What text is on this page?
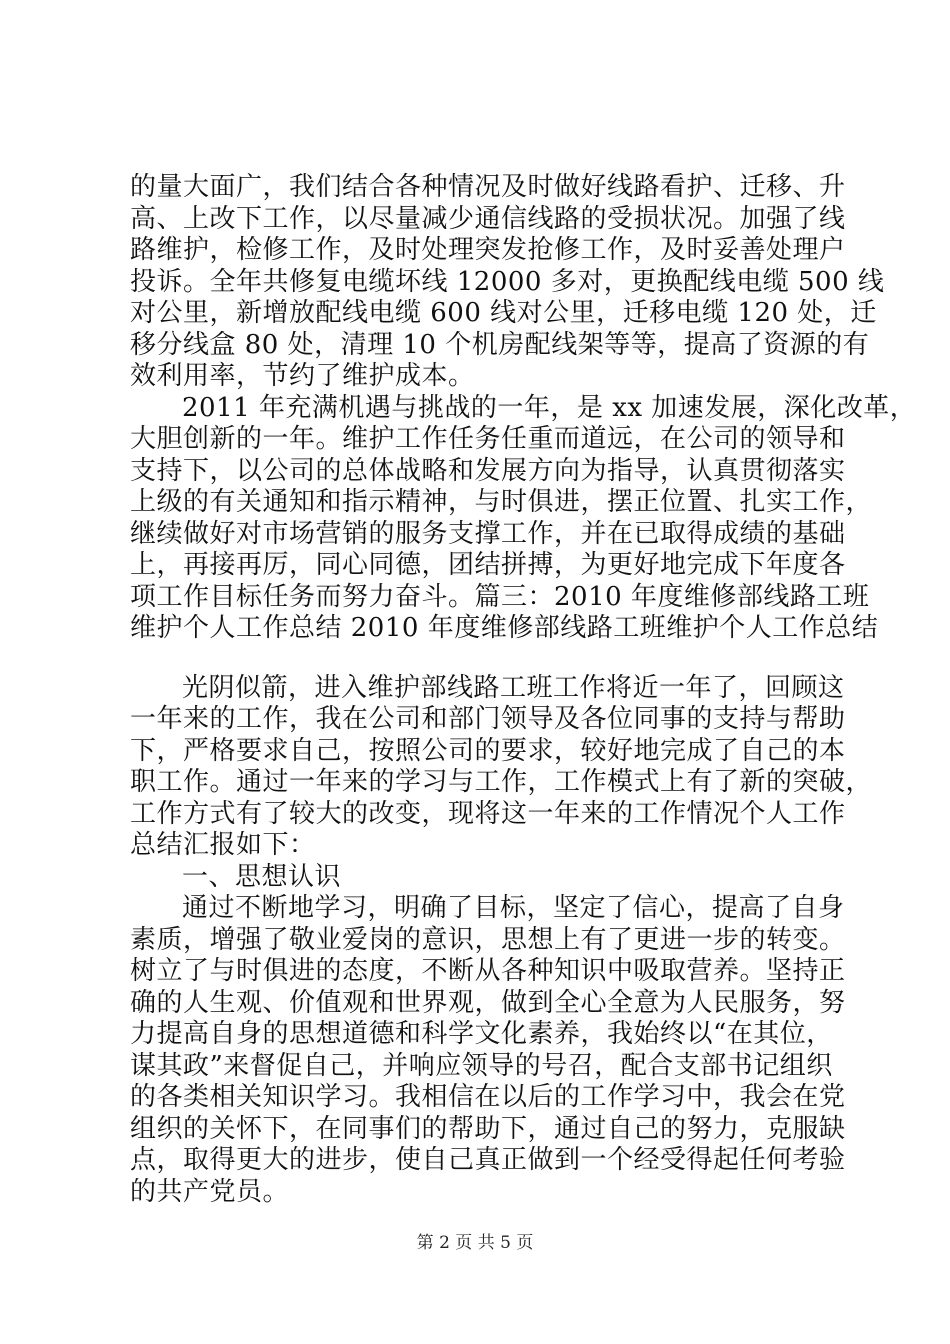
的量大面广，我们结合各种情况及时做好线路看护、迁移、升
高、上改下工作，以尽量减少通信线路的受损状况。加强了线
路维护，检修工作，及时处理突发抢修工作，及时妥善处理户
投诉。全年共修复电缆坏线 12000 多对，更换配线电缆 500 线
对公里，新增放配线电缆 600 线对公里，迁移电缆 120 处，迁
移分线盒 80 处，清理 10 个机房配线架等等，提高了资源的有
效利用率，节约了维护成本。
2011 年充满机遇与挑战的一年，是 xx 加速发展，深化改革，
大胆创新的一年。维护工作任务任重而道远，在公司的领导和
支持下，以公司的总体战略和发展方向为指导，认真贯彻落实
上级的有关通知和指示精神，与时俱进，摆正位置、扎实工作，
继续做好对市场营销的服务支撑工作，并在已取得成绩的基础
上，再接再厉，同心同德，团结拼搏，为更好地完成下年度各
项工作目标任务而努力奋斗。篇三：2010 年度维修部线路工班
维护个人工作总结 2010 年度维修部线路工班维护个人工作总结
光阴似箭，进入维护部线路工班工作将近一年了，回顾这
一年来的工作，我在公司和部门领导及各位同事的支持与帮助
下，严格要求自己，按照公司的要求，较好地完成了自己的本
职工作。通过一年来的学习与工作，工作模式上有了新的突破，
工作方式有了较大的改变，现将这一年来的工作情况个人工作
总结汇报如下：
一、思想认识
通过不断地学习，明确了目标，坚定了信心，提高了自身
素质，增强了敬业爱岗的意识，思想上有了更进一步的转变。
树立了与时俱进的态度，不断从各种知识中吸取营养。坚持正
确的人生观、价值观和世界观，做到全心全意为人民服务，努
力提高自身的思想道德和科学文化素养，我始终以“在其位，
谋其政”来督促自己，并响应领导的号召，配合支部书记组织
的各类相关知识学习。我相信在以后的工作学习中，我会在党
组织的关怀下，在同事们的帮助下，通过自己的努力，克服缺
点，取得更大的进步，使自己真正做到一个经受得起任何考验
的共产党员。
第 2 页 共 5 页
